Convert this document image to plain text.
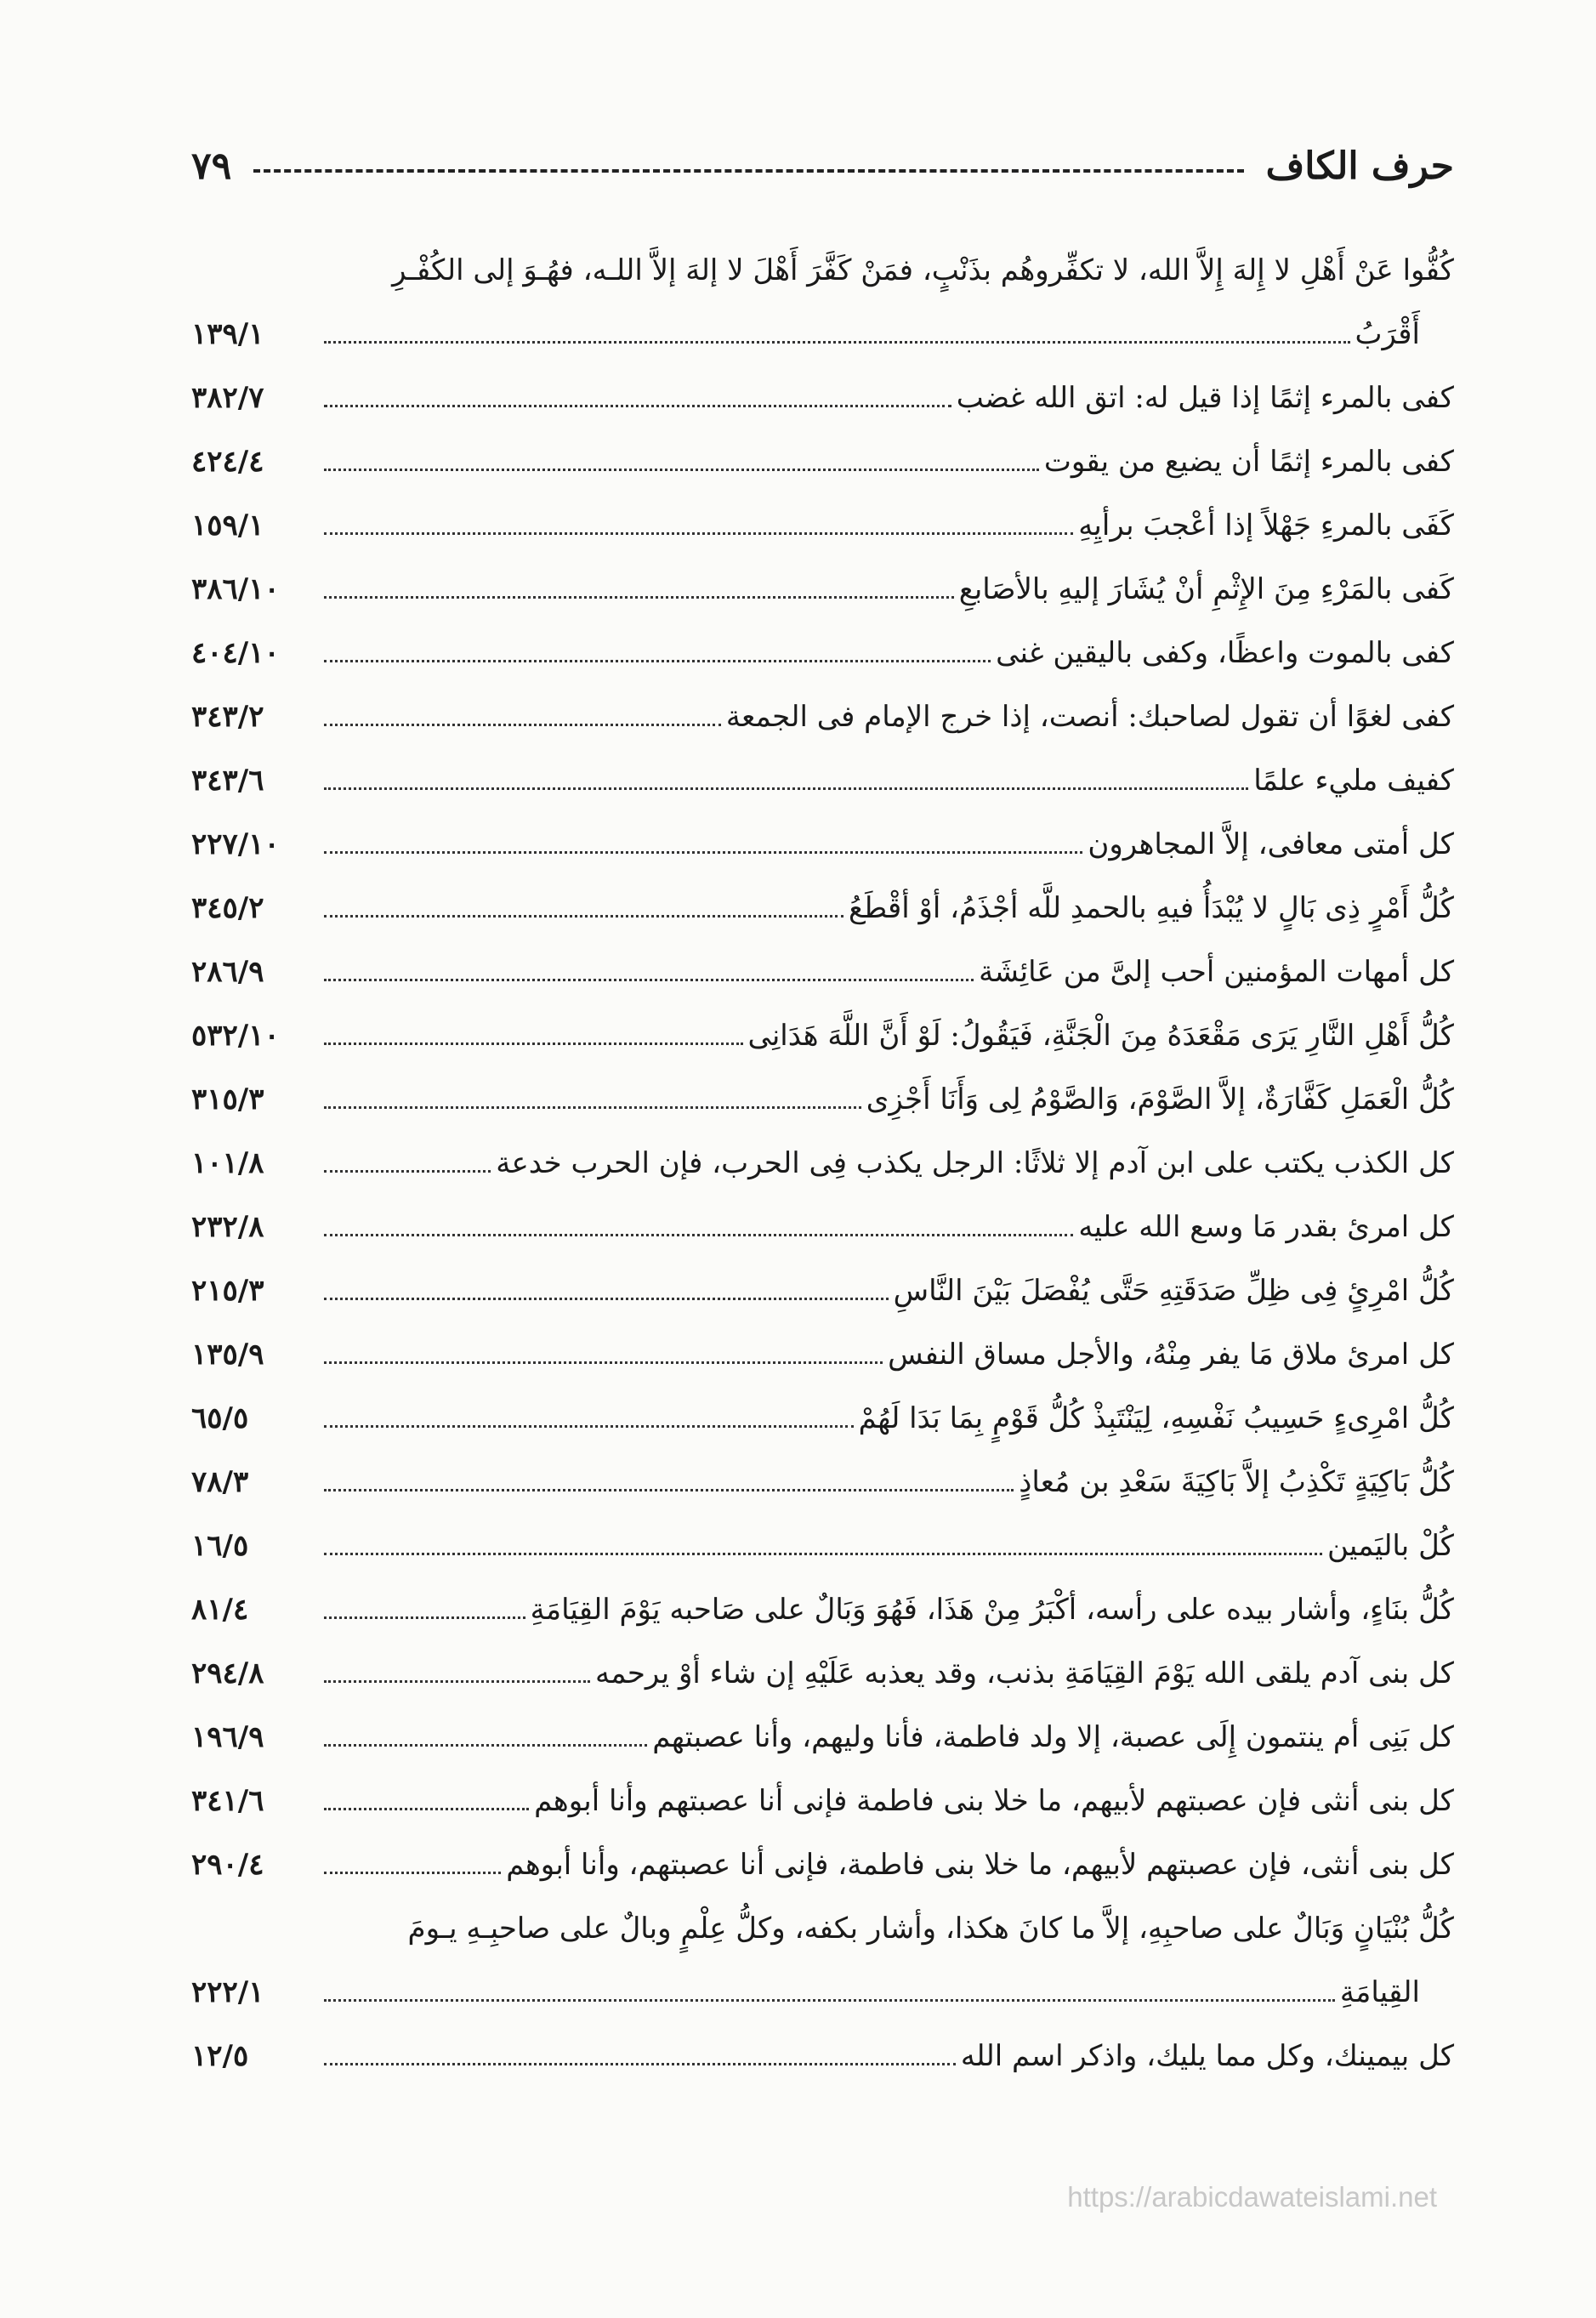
حرف الكاف
٧٩
كُفُّوا عَنْ أَهْلِ لا إِلهَ إِلاَّ الله، لا تكفِّروهُم بذَنْبٍ، فمَنْ كَفَّرَ أَهْلَ لا إلهَ إلاَّ اللـه، فهُـوَ إلى الكُفْـرِ
أَقْرَبُ
١٣٩/١
كفى بالمرء إثمًا إذا قيل له: اتق الله غضب
٣٨٢/٧
كفى بالمرء إثمًا أن يضيع من يقوت
٤٢٤/٤
كَفَى بالمرءِ جَهْلاً إذا أعْجبَ برأيِهِ
١٥٩/١
كَفى بالمَرْءِ مِنَ الإِثْمِ أنْ يُشَارَ إليهِ بالأصَابعِ
٣٨٦/١٠
كفى بالموت واعظًا، وكفى باليقين غنى
٤٠٤/١٠
كفى لغوًا أن تقول لصاحبك: أنصت، إذا خرج الإمام فى الجمعة
٣٤٣/٢
كفيف مليء علمًا
٣٤٣/٦
كل أمتى معافى، إلاَّ المجاهرون
٢٢٧/١٠
كُلُّ أَمْرٍ ذِى بَالٍ لا يُبْدَأُ فيهِ بالحمدِ للَّه أجْذَمُ، أوْ أقْطَعُ
٣٤٥/٢
كل أمهات المؤمنين أحب إلىَّ من عَائِشَة
٢٨٦/٩
كُلُّ أَهْلِ النَّارِ يَرَى مَقْعَدَهُ مِنَ الْجَنَّةِ، فَيَقُولُ: لَوْ أَنَّ اللَّهَ هَدَانِى
٥٣٢/١٠
كُلُّ الْعَمَلِ كَفَّارَةٌ، إلاَّ الصَّوْمَ، وَالصَّوْمُ لِى وَأَنَا أَجْزِى
٣١٥/٣
كل الكذب يكتب على ابن آدم إلا ثلاثًا: الرجل يكذب فِى الحرب، فإن الحرب خدعة
١٠١/٨
كل امرئ بقدر مَا وسع الله عليه
٢٣٢/٨
كُلُّ امْرِئٍ فِى ظِلِّ صَدَقَتِهِ حَتَّى يُفْصَلَ بَيْنَ النَّاسِ
٢١٥/٣
كل امرئ ملاق مَا يفر مِنْهُ، والأجل مساق النفس
١٣٥/٩
كُلُّ امْرِىءٍ حَسِيبُ نَفْسِهِ، لِيَنْتَبِذْ كُلُّ قَوْمٍ بِمَا بَدَا لَهُمْ
٦٥/٥
كُلُّ بَاكِيَةٍ تَكْذِبُ إلاَّ بَاكِيَةَ سَعْدِ بن مُعاذٍ
٧٨/٣
كُلْ باليَمين
١٦/٥
كُلُّ بنَاءٍ، وأشار بيده على رأسه، أكْبَرُ مِنْ هَذَا، فَهُوَ وَبَالٌ على صَاحبه يَوْمَ القِيَامَةِ
٨١/٤
كل بنى آدم يلقى الله يَوْمَ القِيَامَةِ بذنب، وقد يعذبه عَلَيْهِ إن شاء أوْ يرحمه
٢٩٤/٨
كل بَنِى أم ينتمون إِلَى عصبة، إلا ولد فاطمة، فأنا وليهم، وأنا عصبتهم
١٩٦/٩
كل بنى أنثى فإن عصبتهم لأبيهم، ما خلا بنى فاطمة فإنى أنا عصبتهم وأنا أبوهم
٣٤١/٦
كل بنى أنثى، فإن عصبتهم لأبيهم، ما خلا بنى فاطمة، فإنى أنا عصبتهم، وأنا أبوهم
٢٩٠/٤
كُلُّ بُنْيَانٍ وَبَالٌ على صاحبِهِ، إلاَّ ما كانَ هكذا، وأشار بكفه، وكلُّ عِلْمٍ وبالٌ على صاحبِـهِ يـومَ
القِيامَةِ
٢٢٢/١
كل بيمينك، وكل مما يليك، واذكر اسم الله
١٢/٥
https://arabicdawateislami.net
